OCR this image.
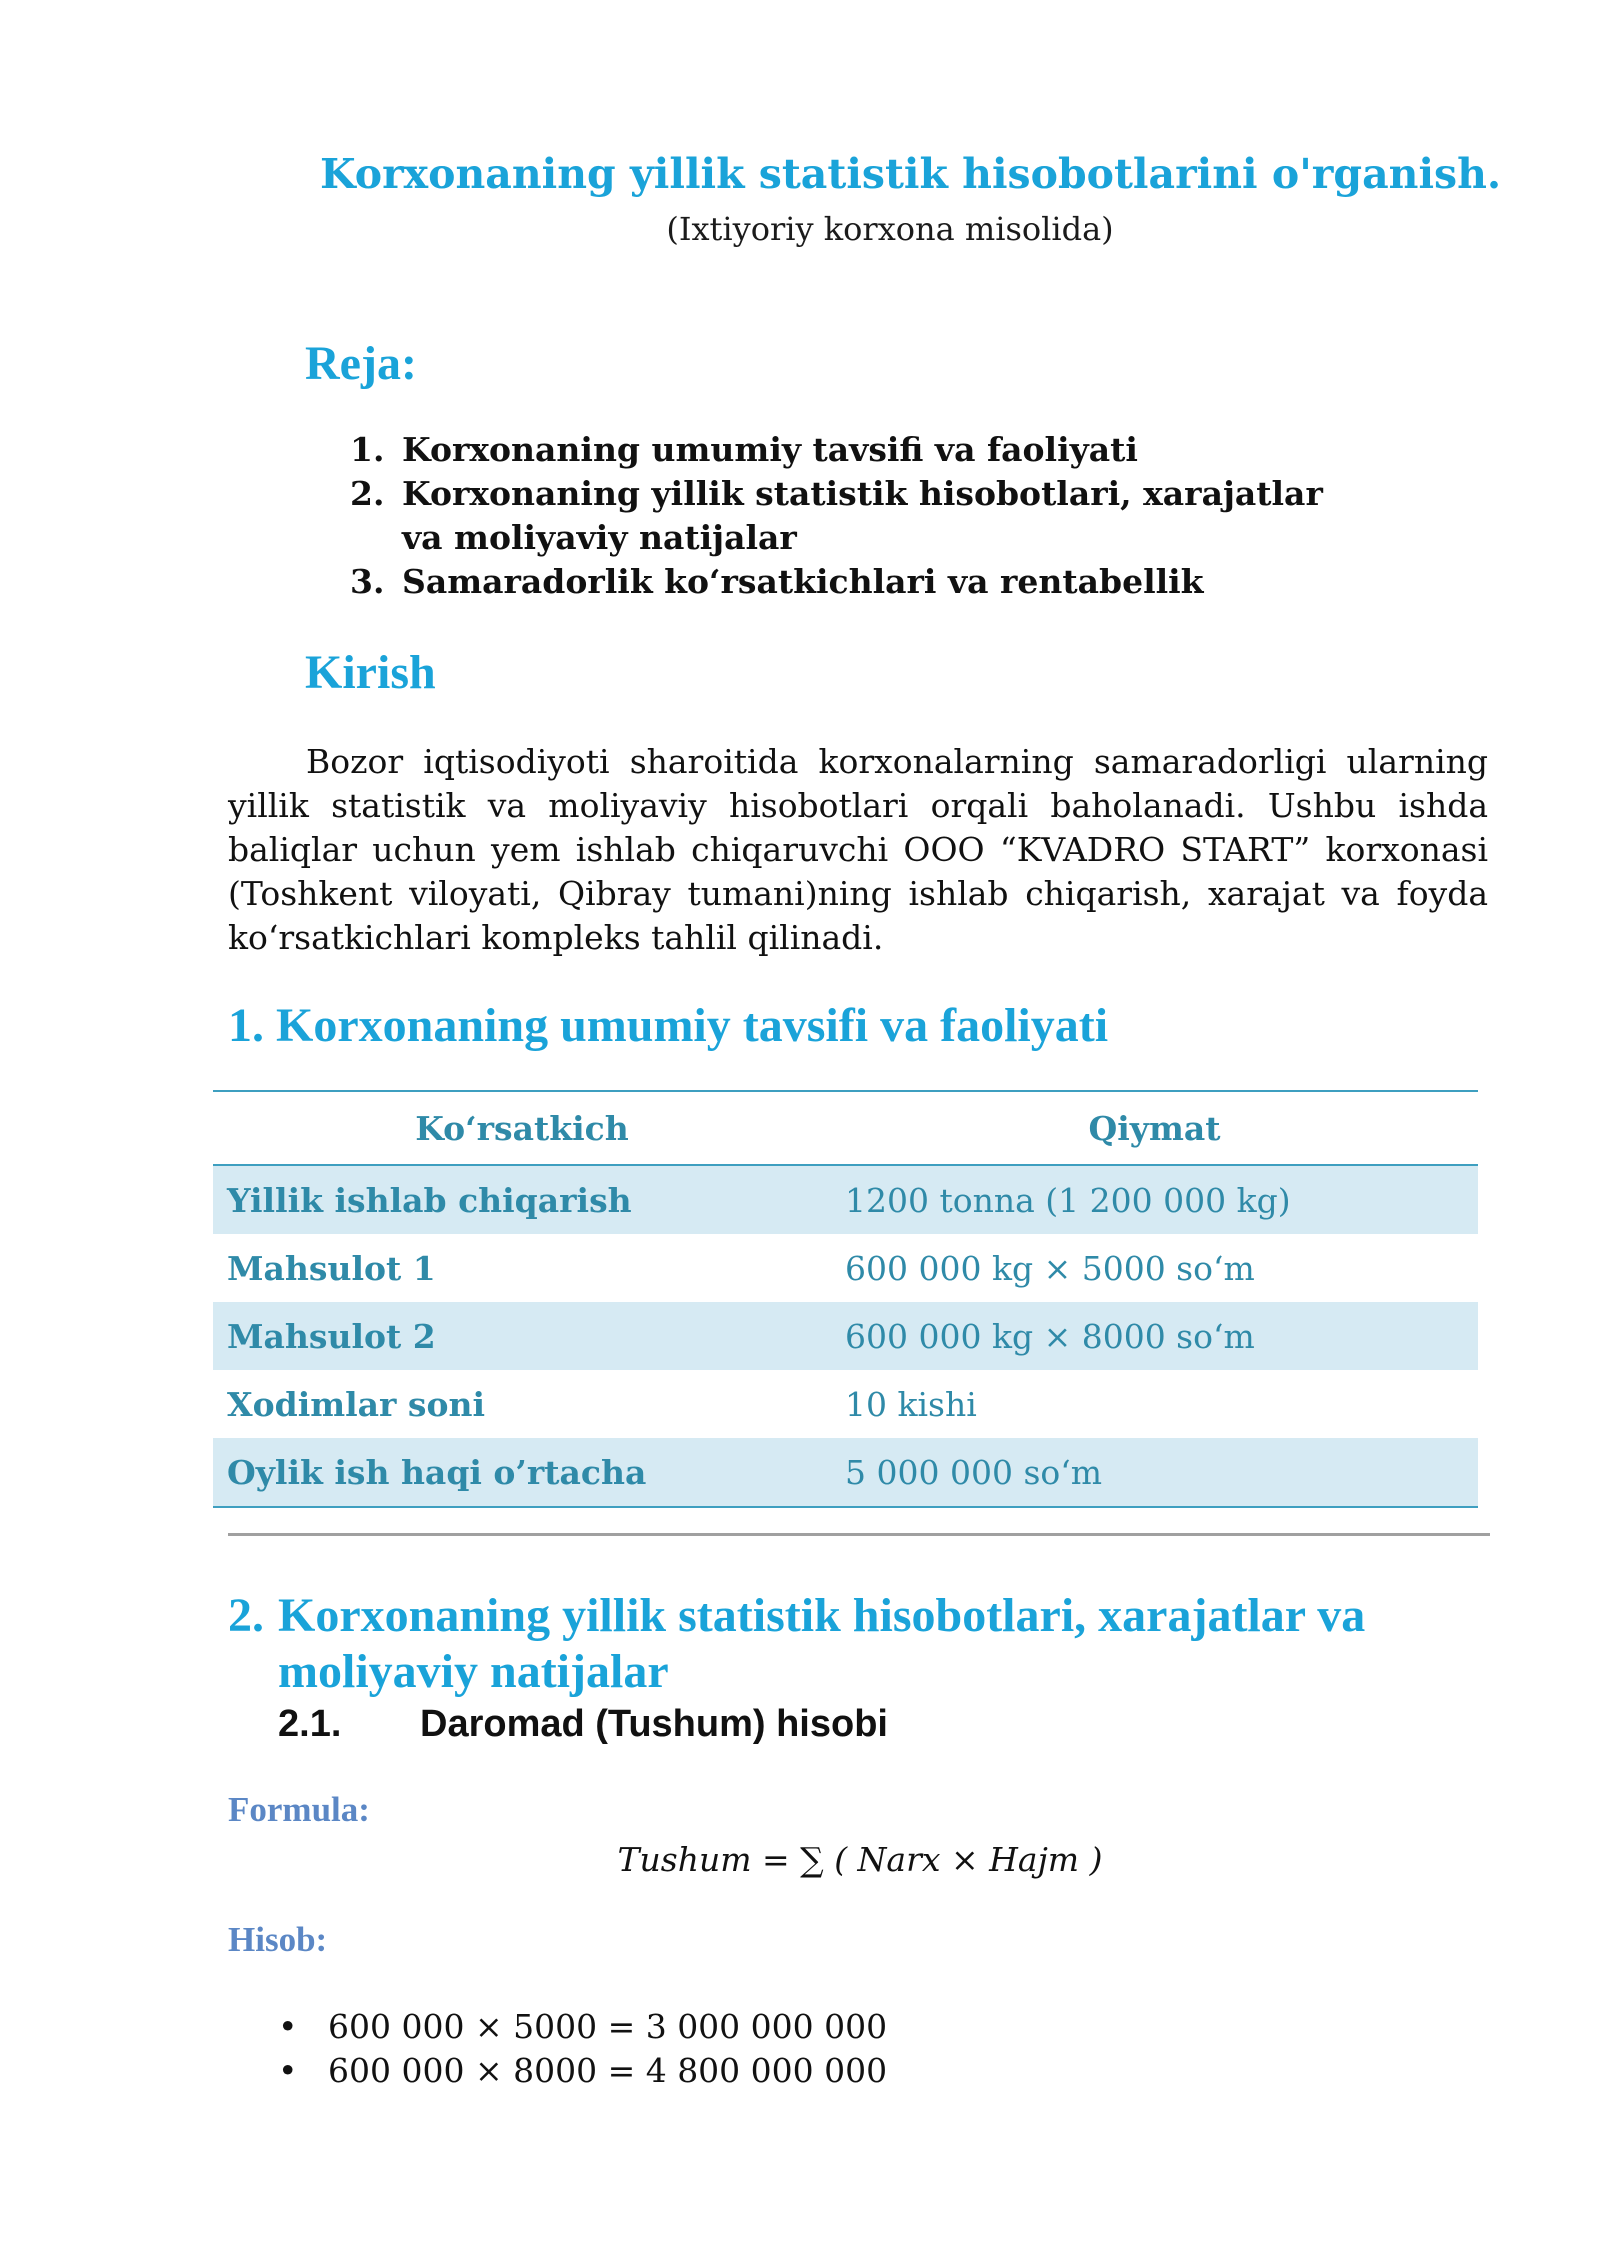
Korxonaning yillik statistik hisobotlarini o'rganish.

(Ixtiyoriy korxona misolida)

Reja:
1. Korxonaning umumiy tavsifi va faoliyati
2. Korxonaning yillik statistik hisobotlari, xarajatlar va moliyaviy natijalar
3. Samaradorlik ko‘rsatkichlari va rentabellik
Kirish

Bozor iqtisodiyoti sharoitida korxonalarning samaradorligi ularning yillik statistik va moliyaviy hisobotlari orqali baholanadi. Ushbu ishda baliqlar uchun yem ishlab chiqaruvchi OOO “KVADRO START” korxonasi (Toshkent viloyati, Qibray tumani)ning ishlab chiqarish, xarajat va foyda ko‘rsatkichlari kompleks tahlil qilinadi.

1. Korxonaning umumiy tavsifi va faoliyati
Ko‘rsatkich	Qiymat
Yillik ishlab chiqarish	1200 tonna (1 200 000 kg)
Mahsulot 1	600 000 kg × 5000 so‘m
Mahsulot 2	600 000 kg × 8000 so‘m
Xodimlar soni	10 kishi
Oylik ish haqi o’rtacha	5 000 000 so‘m
2. Korxonaning yillik statistik hisobotlari, xarajatlar va
moliyaviy natijalar
2.1. Daromad (Tushum) hisobi

Formula:

Tushum = ∑ ( Narx × Hajm )

Hisob:

• 600 000 × 5000 = 3 000 000 000
• 600 000 × 8000 = 4 800 000 000
